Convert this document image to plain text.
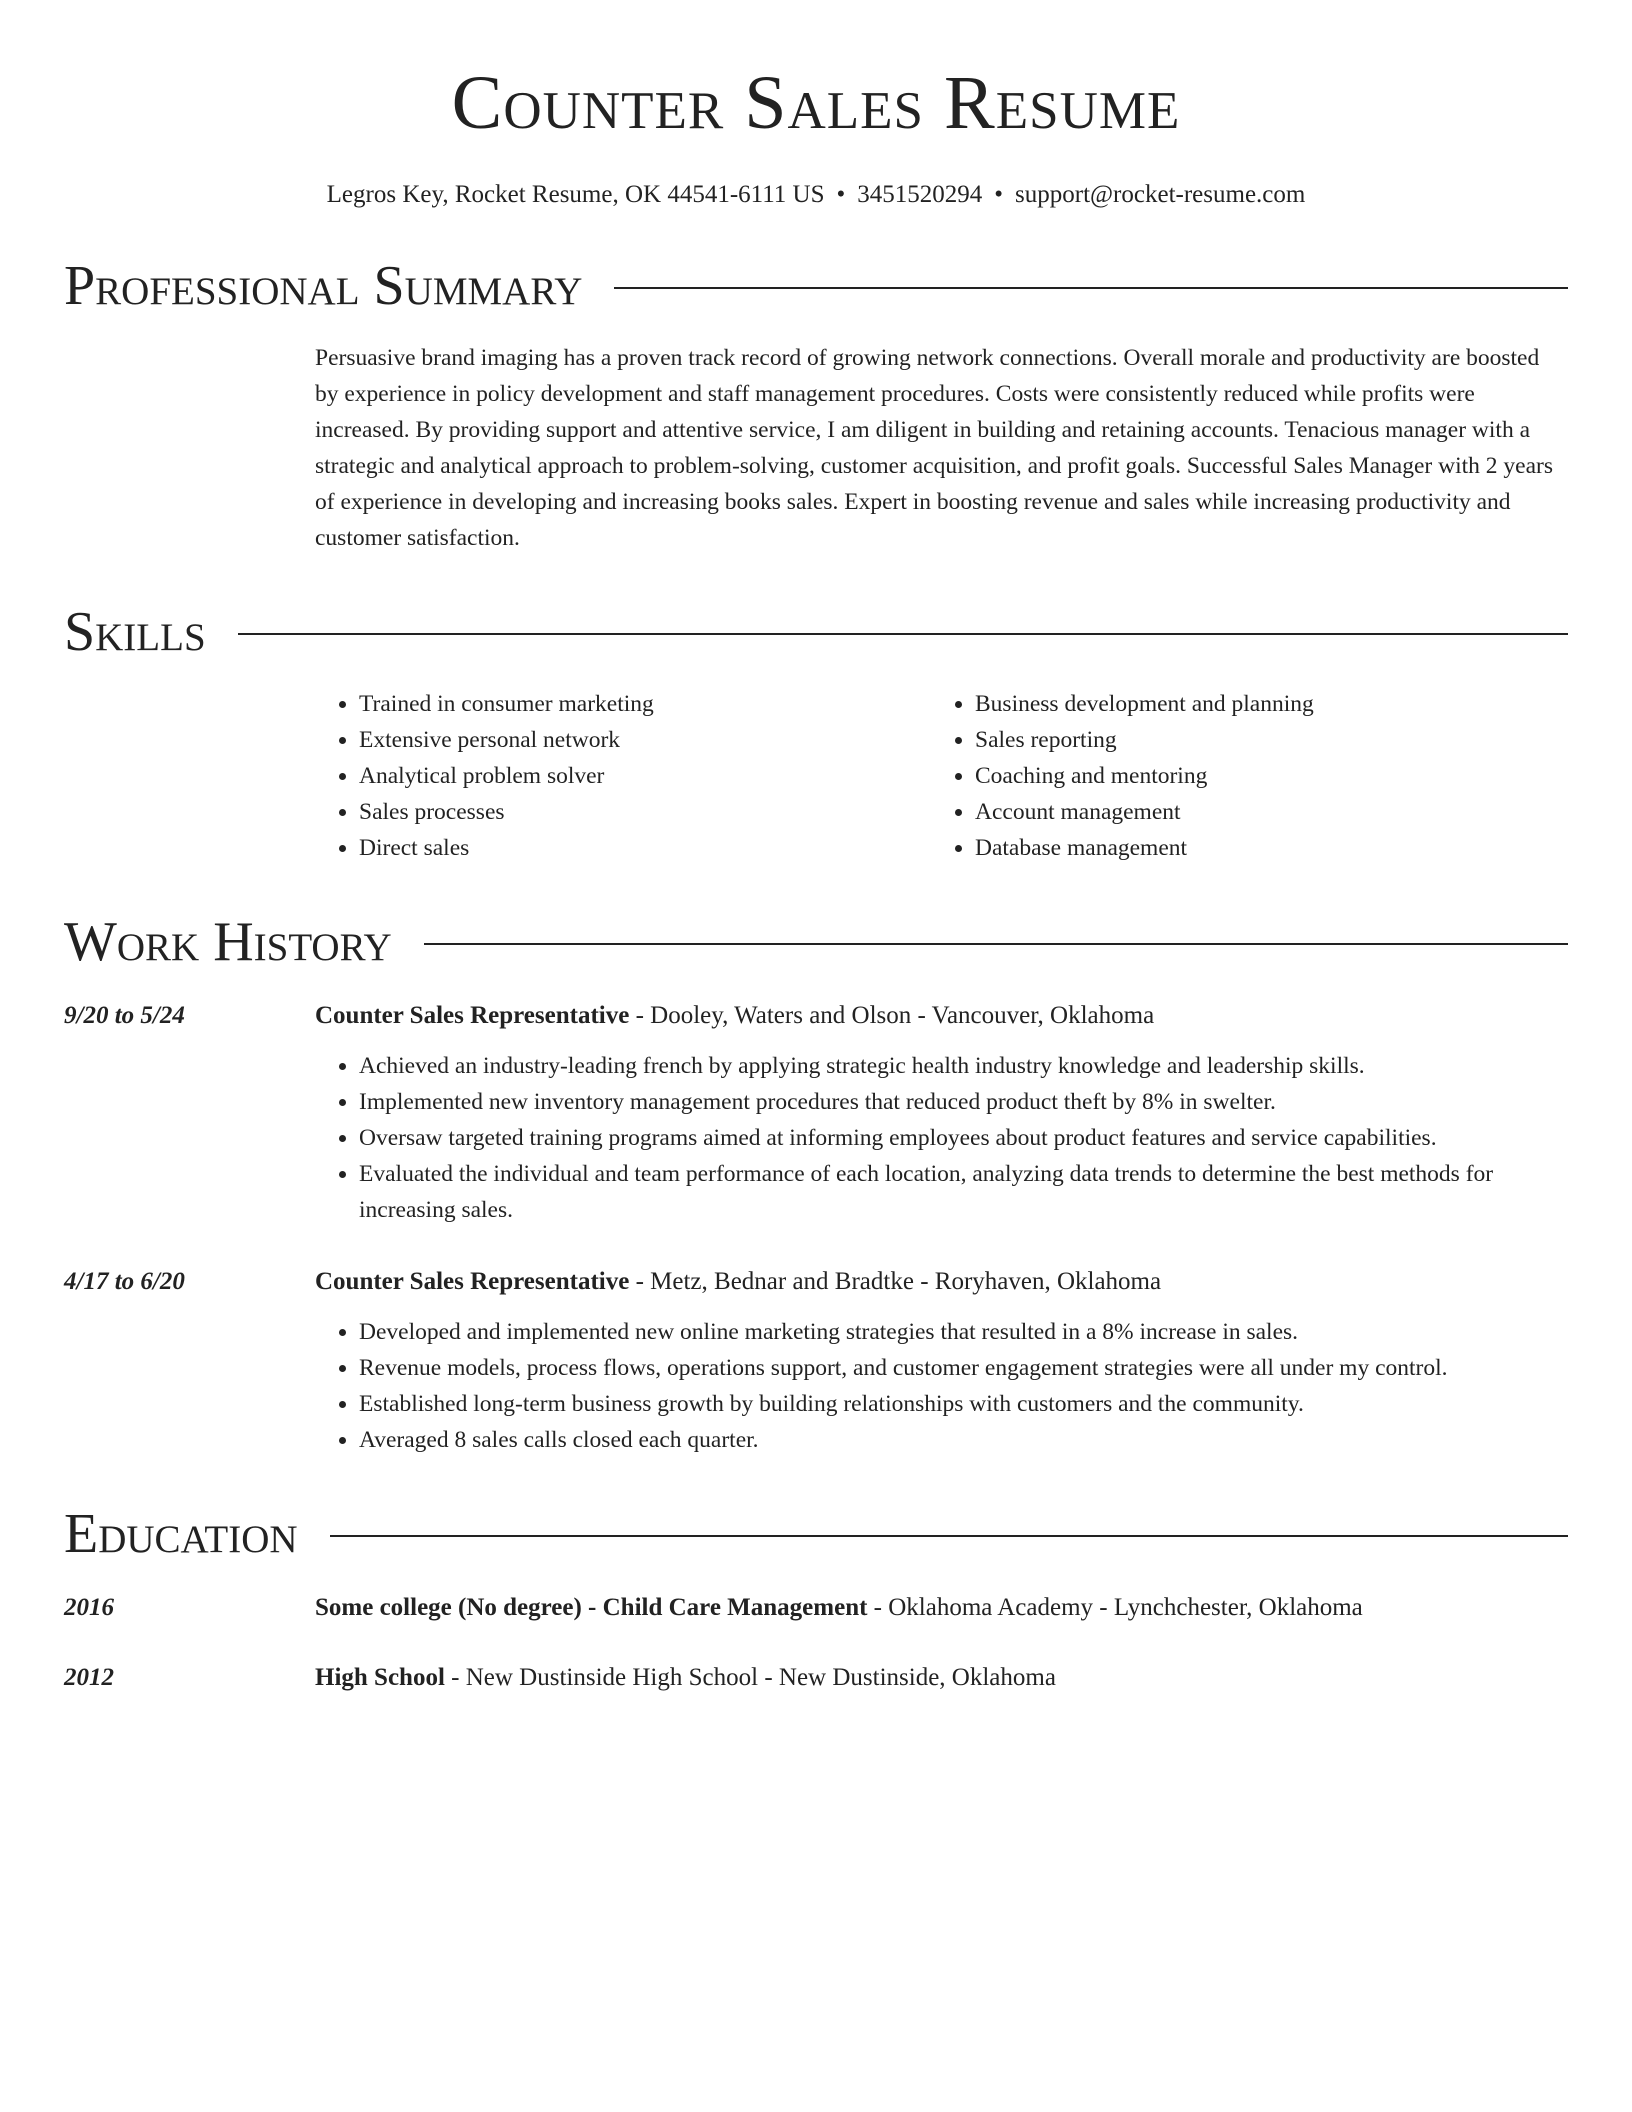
Counter Sales Resume
Legros Key, Rocket Resume, OK 44541-6111 US • 3451520294 • support@rocket-resume.com
Professional Summary
Persuasive brand imaging has a proven track record of growing network connections. Overall morale and productivity are boosted by experience in policy development and staff management procedures. Costs were consistently reduced while profits were increased. By providing support and attentive service, I am diligent in building and retaining accounts. Tenacious manager with a strategic and analytical approach to problem-solving, customer acquisition, and profit goals. Successful Sales Manager with 2 years of experience in developing and increasing books sales. Expert in boosting revenue and sales while increasing productivity and customer satisfaction.
Skills
• Trained in consumer marketing
• Extensive personal network
• Analytical problem solver
• Sales processes
• Direct sales
• Business development and planning
• Sales reporting
• Coaching and mentoring
• Account management
• Database management
Work History
9/20 to 5/24	Counter Sales Representative - Dooley, Waters and Olson - Vancouver, Oklahoma
• Achieved an industry-leading french by applying strategic health industry knowledge and leadership skills.
• Implemented new inventory management procedures that reduced product theft by 8% in swelter.
• Oversaw targeted training programs aimed at informing employees about product features and service capabilities.
• Evaluated the individual and team performance of each location, analyzing data trends to determine the best methods for increasing sales.
4/17 to 6/20	Counter Sales Representative - Metz, Bednar and Bradtke - Roryhaven, Oklahoma
• Developed and implemented new online marketing strategies that resulted in a 8% increase in sales.
• Revenue models, process flows, operations support, and customer engagement strategies were all under my control.
• Established long-term business growth by building relationships with customers and the community.
• Averaged 8 sales calls closed each quarter.
Education
2016	Some college (No degree) - Child Care Management - Oklahoma Academy - Lynchchester, Oklahoma
2012	High School - New Dustinside High School - New Dustinside, Oklahoma
